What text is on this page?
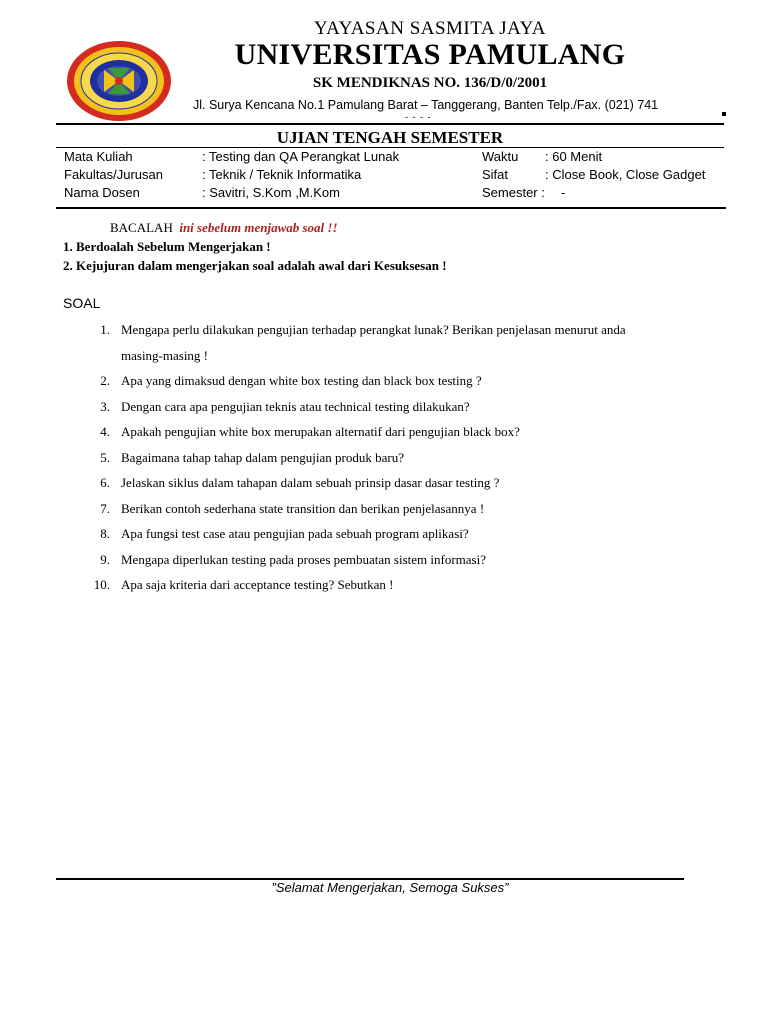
YAYASAN SASMITA JAYA
UNIVERSITAS PAMULANG
SK MENDIKNAS NO. 136/D/0/2001
Jl. Surya Kencana No.1 Pamulang Barat – Tanggerang, Banten Telp./Fax. (021) 741
- - - -
UJIAN TENGAH SEMESTER
Mata Kuliah	: Testing dan QA Perangkat Lunak	Waktu : 60 Menit
Fakultas/Jurusan	: Teknik / Teknik Informatika	Sifat	: Close Book, Close Gadget
Nama Dosen	: Savitri, S.Kom ,M.Kom	Semester : -
BACALAH ini sebelum menjawab soal !!
1. Berdoalah Sebelum Mengerjakan !
2. Kejujuran dalam mengerjakan soal adalah awal dari Kesuksesan !
SOAL
1. Mengapa perlu dilakukan pengujian terhadap perangkat lunak? Berikan penjelasan menurut anda
masing-masing !
2. Apa yang dimaksud dengan white box testing dan black box testing ?
3. Dengan cara apa pengujian teknis atau technical testing dilakukan?
4. Apakah pengujian white box merupakan alternatif dari pengujian black box?
5. Bagaimana tahap tahap dalam pengujian produk baru?
6. Jelaskan siklus dalam tahapan dalam sebuah prinsip dasar dasar testing ?
7. Berikan contoh sederhana state transition dan berikan penjelasannya !
8. Apa fungsi test case atau pengujian pada sebuah program aplikasi?
9. Mengapa diperlukan testing pada proses pembuatan sistem informasi?
10. Apa saja kriteria dari acceptance testing? Sebutkan !
”Selamat Mengerjakan, Semoga Sukses”
